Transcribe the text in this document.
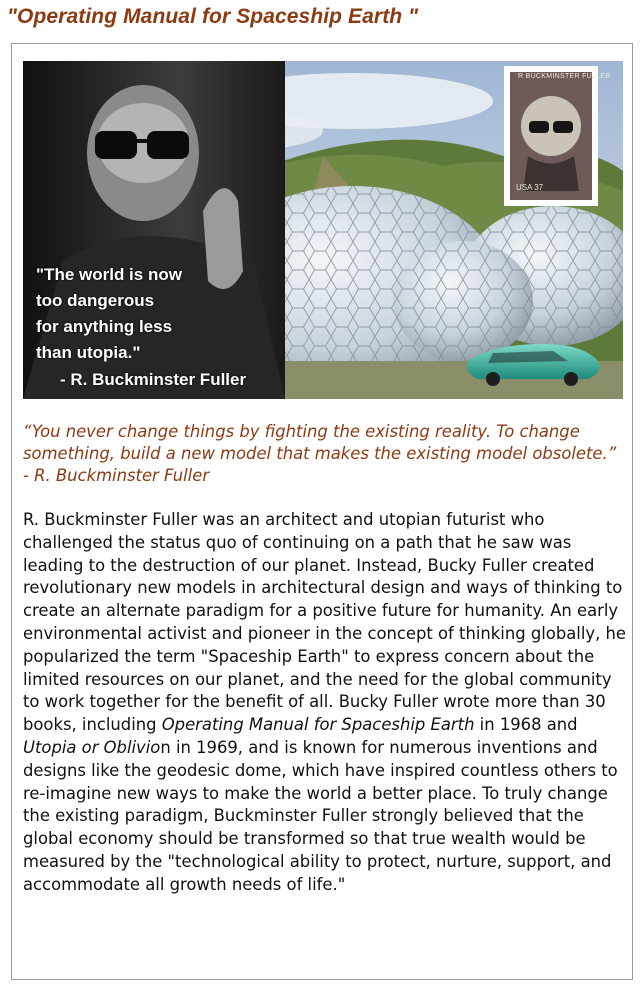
"Operating Manual for Spaceship Earth "
"The world is now
too dangerous
for anything less
than utopia."
- R. Buckminster Fuller
R BUCKMINSTER FULLER
USA 37
“You never change things by fighting the existing reality. To change something, build a new model that makes the existing model obsolete.” - R. Buckminster Fuller
R. Buckminster Fuller was an architect and utopian futurist who challenged the status quo of continuing on a path that he saw was leading to the destruction of our planet. Instead, Bucky Fuller created revolutionary new models in architectural design and ways of thinking to create an alternate paradigm for a positive future for humanity. An early environmental activist and pioneer in the concept of thinking globally, he popularized the term "Spaceship Earth" to express concern about the limited resources on our planet, and the need for the global community to work together for the benefit of all. Bucky Fuller wrote more than 30 books, including Operating Manual for Spaceship Earth in 1968 and Utopia or Oblivion in 1969, and is known for numerous inventions and designs like the geodesic dome, which have inspired countless others to re-imagine new ways to make the world a better place. To truly change the existing paradigm, Buckminster Fuller strongly believed that the global economy should be transformed so that true wealth would be measured by the "technological ability to protect, nurture, support, and accommodate all growth needs of life."
